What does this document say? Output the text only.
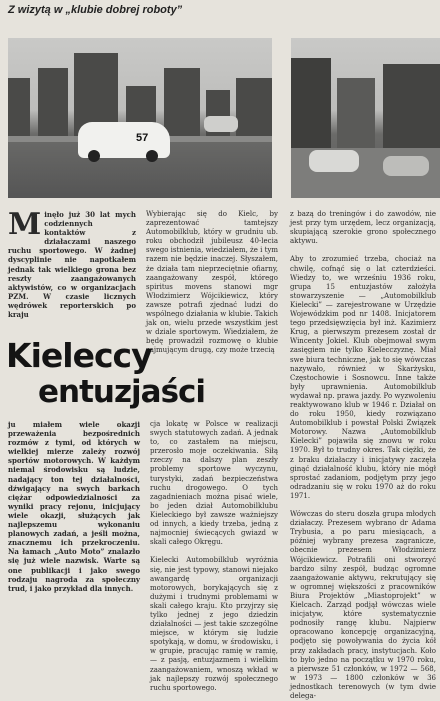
Z wizytą w „klubie dobrej roboty”
57
Minęło już 30 lat mych codziennych kontaktów z działaczami naszego ruchu sportowego. W żadnej dyscyplinie nie napotkałem jednak tak wielkiego grona bez reszty zaangażowanych aktywistów, co w organizacjach PZM. W czasie licznych wędrówek reporterskich po kraju
Wybierając się do Kielc, by zaprezentować tamtejszy Automobilklub, który w grudniu ub. roku obchodził jubileusz 40-lecia swego istnienia, wiedziałem, że i tym razem nie będzie inaczej. Słyszałem, że działa tam nieprzeciętnie ofiarny, zaangażowany zespół, którego spiritus movens stanowi mgr Włodzimierz Wójcikiewicz, który zawsze potrafi zjednać ludzi do wspólnego działania w klubie. Takich jak on, wielu przede wszystkim jest w dziale sportowym. Wiedziałem, że będę prowadził rozmowę o klubie zajmującym drugą, czy może trzecią
Kieleccy
entuzjaści
ju miałem wiele okazji przeważenia bezpośrednich rozmów z tymi, od których w wielkiej mierze zależy rozwój sportów motorowych. W każdym niemal środowisku są ludzie, nadający ton tej działalności, dźwigający na swych barkach ciężar odpowiedzialności za wyniki pracy rejonu, inicjujący wiele okazji, służących jak najlepszemu wykonaniu planowych zadań, a jeśli można, znacznemu ich przekroczeniu. Na łamach „Auto Moto” znalazło się już wiele nazwisk. Warte są one publikacji i jako swego rodzaju nagroda za społeczny trud, i jako przykład dla innych.
cja lokatę w Polsce w realizacji swych statutowych zadań. A jednak to, co zastałem na miejscu, przerosło moje oczekiwania. Siłą rzeczy na dalszy plan zeszły problemy sportowe wyczynu, turystyki, zadań bezpieczeństwa ruchu drogowego. O tych zagadnieniach można pisać wiele, bo jeden dział Automobilklubu Kieleckiego był zawsze ważniejszy od innych, a kiedy trzeba, jedną z najmocniej świecących gwiazd w skali całego Okręgu.

Kielecki Automobilklub wyróżnia się, nie jest typowy, stanowi niejako awangardę organizacji motorowych, borykających się z dużymi i trudnymi problemami w skali całego kraju. Kto przyjrzy się tylko jednej z jego dziedzin działalności — jest takie szczególne miejsce, w którym się ludzie spotykają, w domu, w środowisku, i w grupie, pracując ramię w ramię, — z pasją, entuzjazmem i wielkim zaangażowaniem, wnoszą wkład w jak najlepszy rozwój społecznego ruchu sportowego.
z bazą do treningów i do zawodów, nie jest przy tym urzędem, lecz organizacją, skupiającą szerokie grono społecznego aktywu.

Aby to zrozumieć trzeba, chociaż na chwilę, cofnąć się o lat czterdzieści. Wiedzy to, we wrześniu 1936 roku, grupa 15 entuzjastów założyła stowarzyszenie — „Automobilklub Kielecki” — zarejestrowane w Urzędzie Wojewódzkim pod nr 1408. Inicjatorem tego przedsięwzięcia był inż. Kazimierz Krug, a pierwszym prezesem został dr Wincenty Jokiel. Klub obejmował swym zasięgiem nie tylko Kielecczyznę. Miał swe biura techniczne, jak to się wówczas nazywało, również w Skarżysku, Częstochowie i Sosnowcu. Inne także były uprawnienia. Automobilklub wydawał np. prawa jazdy. Po wyzwoleniu reaktywowano klub w 1946 r. Działał on do roku 1950, kiedy rozwiązano Automobilklub i powstał Polski Związek Motorowy. Nazwa „Automobilklub Kielecki” pojawiła się znowu w roku 1970. Był to trudny okres. Tak ciężki, że z braku działaczy i inicjatywy zaczęła ginąć działalność klubu, który nie mógł sprostać zadaniom, podjętym przy jego odradzaniu się w roku 1970 aż do roku 1971.

Wówczas do steru doszła grupa młodych działaczy. Prezesem wybrano dr Adama Trybusia, a po paru miesiącach, a później wybrany prezesa zagranicze, obecnie prezesem Włodzimierz Wójcikiewicz. Potrafili oni stworzyć bardzo silny zespół, budząc ogromne zaangażowanie aktywu, rekrutujący się w ogromnej większości z pracowników Biura Projektów „Miastoprojekt” w Kielcach. Zarząd podjął wówczas wiele inicjatyw, które systematycznie podnosiły rangę klubu. Najpierw opracowano koncepcję organizacyjną, podjęto się powoływania do życia kół przy zakładach pracy, instytucjach. Koło to było jedno na początku w 1970 roku, a pierwsze 51 członków, w 1972 — 568, w 1973 — 1800 członków w 36 jednostkach terenowych (w tym dwie delega-
